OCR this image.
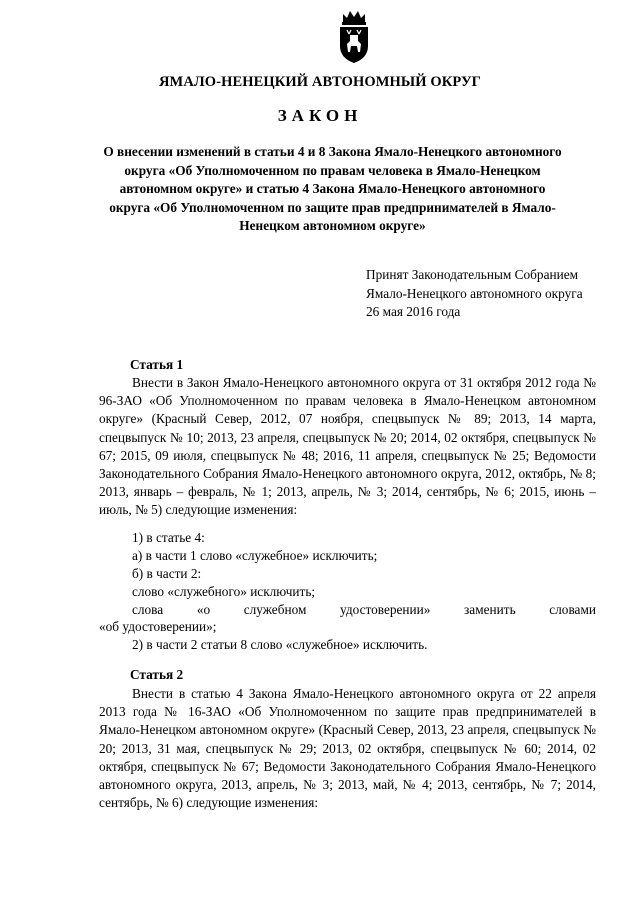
ЯМАЛО-НЕНЕЦКИЙ АВТОНОМНЫЙ ОКРУГ
ЗАКОН
О внесении изменений в статьи 4 и 8 Закона Ямало-Ненецкого автономного округа «Об Уполномоченном по правам человека в Ямало-Ненецком автономном округе» и статью 4 Закона Ямало-Ненецкого автономного округа «Об Уполномоченном по защите прав предпринимателей в Ямало-Ненецком автономном округе»
Принят Законодательным Собранием
Ямало-Ненецкого автономного округа
26 мая 2016 года
Статья 1
Внести в Закон Ямало-Ненецкого автономного округа от 31 октября 2012 года № 96-ЗАО «Об Уполномоченном по правам человека в Ямало-Ненецком автономном округе» (Красный Север, 2012, 07 ноября, спецвыпуск № 89; 2013, 14 марта, спецвыпуск № 10; 2013, 23 апреля, спецвыпуск № 20; 2014, 02 октября, спецвыпуск № 67; 2015, 09 июля, спецвыпуск № 48; 2016, 11 апреля, спецвыпуск № 25; Ведомости Законодательного Собрания Ямало-Ненецкого автономного округа, 2012, октябрь, № 8; 2013, январь – февраль, № 1; 2013, апрель, № 3; 2014, сентябрь, № 6; 2015, июнь – июль, № 5) следующие изменения:
1) в статье 4:
а) в части 1 слово «служебное» исключить;
б) в части 2:
слово «служебного» исключить;
слова «о служебном удостоверении» заменить словами
«об удостоверении»;
2) в части 2 статьи 8 слово «служебное» исключить.
Статья 2
Внести в статью 4 Закона Ямало-Ненецкого автономного округа от 22 апреля 2013 года № 16-ЗАО «Об Уполномоченном по защите прав предпринимателей в Ямало-Ненецком автономном округе» (Красный Север, 2013, 23 апреля, спецвыпуск № 20; 2013, 31 мая, спецвыпуск № 29; 2013, 02 октября, спецвыпуск № 60; 2014, 02 октября, спецвыпуск № 67; Ведомости Законодательного Собрания Ямало-Ненецкого автономного округа, 2013, апрель, № 3; 2013, май, № 4; 2013, сентябрь, № 7; 2014, сентябрь, № 6) следующие изменения:
